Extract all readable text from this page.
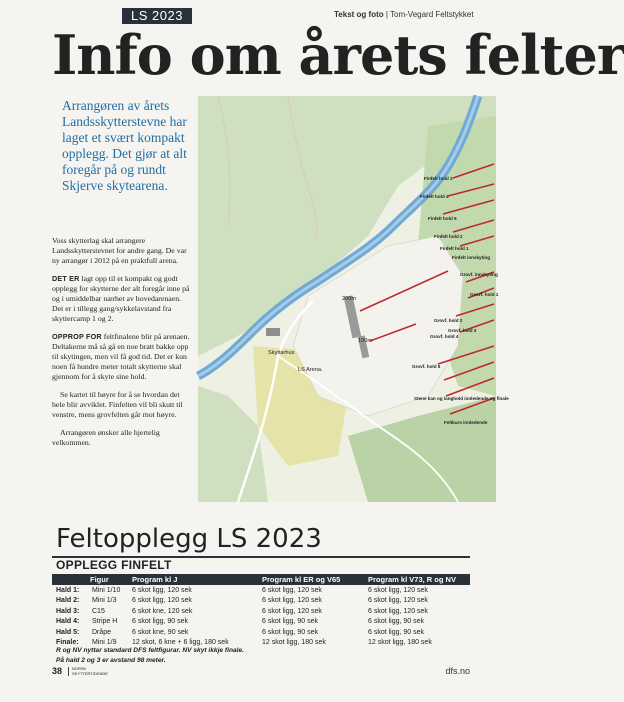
LS 2023	Tekst og foto | Tom-Vegard Feltstykket
Info om årets felter
Arrangøren av årets Landsskytterstevne har laget et svært kompakt opplegg. Det gjør at alt foregår på og rundt Skjerve skytearena.

Voss skytterlag skal arrangere Landsskytterstevnet for andre gang. De var ny arrangør i 2012 på en praktfull arena.

DET ER lagt opp til et kompakt og godt opplegg for skytterne der alt foregår inne på og i umiddelbar nærhet av hovedarenaen. Det er i tillegg gang/sykkelavstand fra skyttercamp 1 og 2.

OPPROP FOR feltfinalene blir på arenaen. Deltakerne må så gå en noe bratt bakke opp til skytingen, men vil få god tid. Det er kun noen få hundre meter totalt skytterne skal gjennom for å skyte sine hold.

Se kartet til høyre for å se hvordan det hele blir avviklet. Finfelten vil bli skutt til venstre, mens grovfelten går mot høyre.

Arrangøren ønsker alle hjertelig velkommen.

Finfelt hold 3
Finfelt hold 4
Finfelt hold 5
Finfelt hold 2
Finfelt hold 1
Finfelt innskyting
Grovf. innskyting
Grovf. hold 1
Grovf. hold 2
Grovf. hold 3
Grovf. hold 4
Grovf. hold 5
Stene kan og langhold innledende og finale
Feltkurs innledende
200m
100m
Skyttarhus
LS Arena.
Feltopplegg LS 2023
OPPLEGG FINFELT
Figur	Program kl J	Program kl ER og V65	Program kl V73, R og NV
Hald 1: Mini 1/10 6 skot ligg, 120 sek	6 skot ligg, 120 sek	6 skot ligg, 120 sek
Hald 2: Mini 1/3 6 skot ligg, 120 sek	6 skot ligg, 120 sek	6 skot ligg, 120 sek
Hald 3: C15	6 skot kne, 120 sek	6 skot ligg, 120 sek	6 skot ligg, 120 sek
Hald 4: Stripe H 6 skot ligg, 90 sek	6 skot ligg, 90 sek	6 skot ligg, 90 sek
Hald 5: Dråpe	6 skot kne, 90 sek	6 skot ligg, 90 sek	6 skot ligg, 90 sek
Finale: Mini 1/9 12 skot, 6 kne + 6 ligg, 180 sek	12 skot ligg, 180 sek	12 skot ligg, 180 sek
R og NV nyttar standard DFS feltfigurar. NV skyt ikkje finale.
På hald 2 og 3 er avstand 98 meter.
38	NORSK
SKYTTERTIDENDE	dfs.no
